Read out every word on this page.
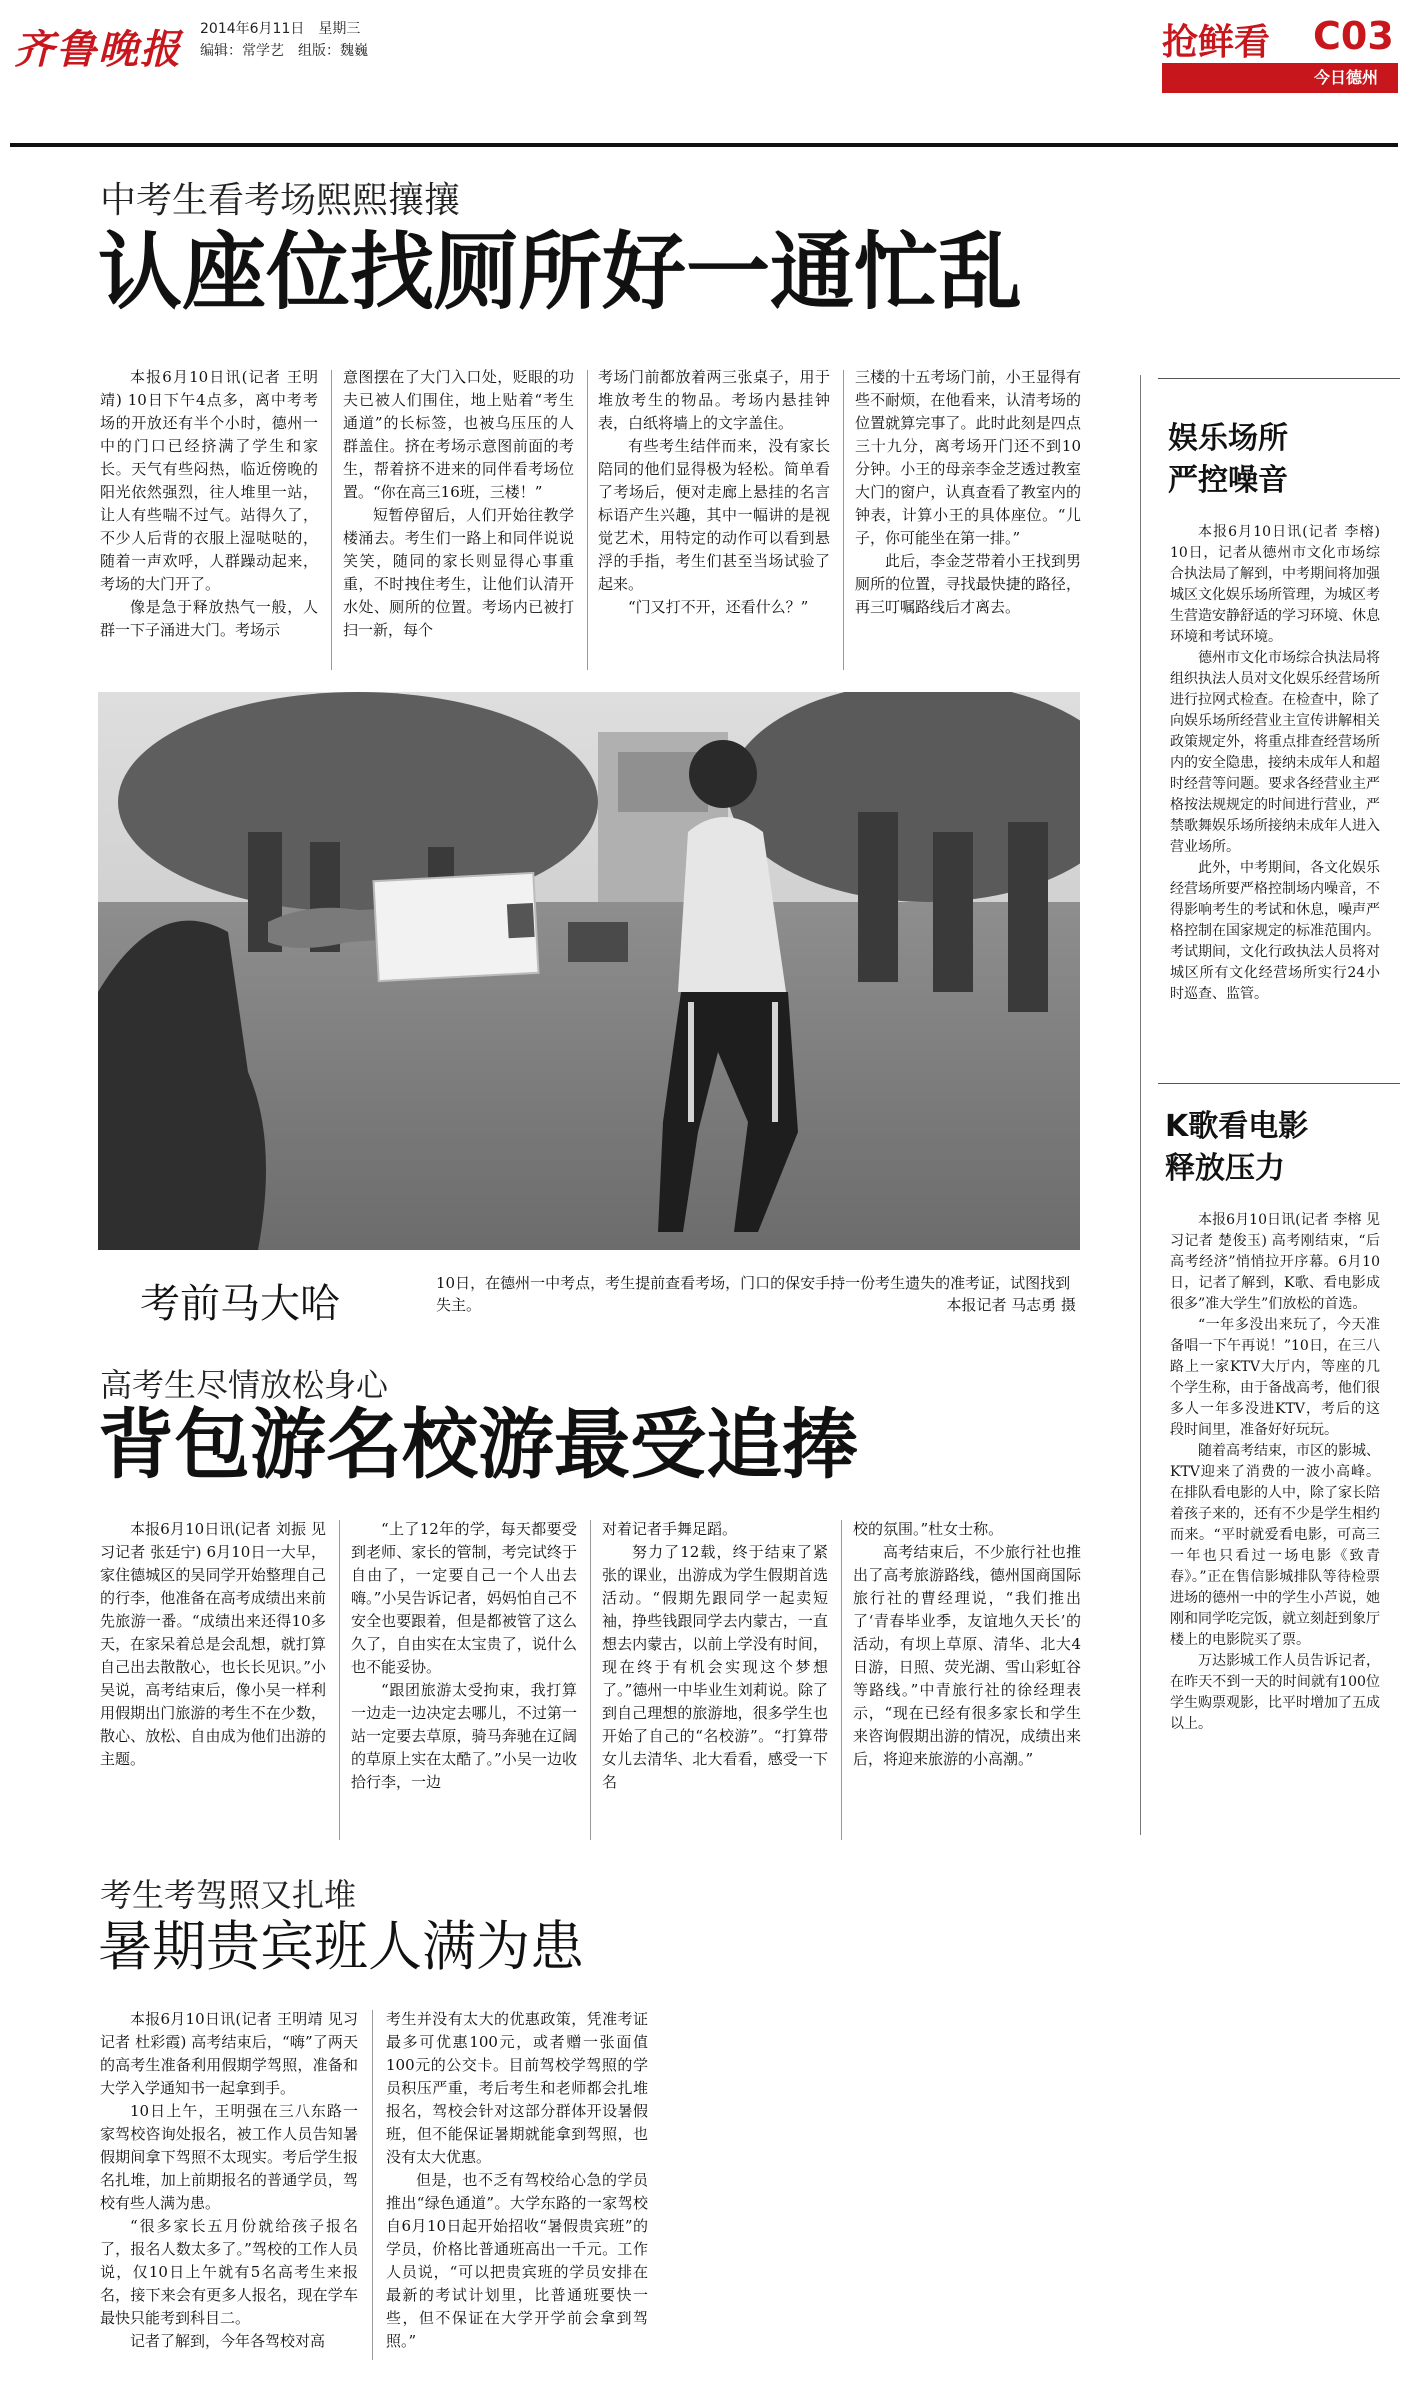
齐鲁晚报 2014年6月11日 星期三
编辑：常学艺 组版：魏巍	抢鲜看 C03
今日德州
中考生看考场熙熙攘攘
认座位找厕所好一通忙乱

本报6月10日讯(记者 王明靖) 10日下午4点多，离中考考场的开放还有半个小时，德州一中的门口已经挤满了学生和家长。天气有些闷热，临近傍晚的阳光依然强烈，往人堆里一站，让人有些喘不过气。站得久了，不少人后背的衣服上湿哒哒的，随着一声欢呼，人群躁动起来，考场的大门开了。

像是急于释放热气一般，人群一下子涌进大门。考场示

意图摆在了大门入口处，贬眼的功夫已被人们围住，地上贴着“考生通道”的长标签，也被乌压压的人群盖住。挤在考场示意图前面的考生，帮着挤不进来的同伴看考场位置。“你在高三16班，三楼！”

短暂停留后，人们开始往教学楼涌去。考生们一路上和同伴说说笑笑，随同的家长则显得心事重重，不时拽住考生，让他们认清开水处、厕所的位置。考场内已被打扫一新，每个

考场门前都放着两三张桌子，用于堆放考生的物品。考场内悬挂钟表，白纸将墙上的文字盖住。

有些考生结伴而来，没有家长陪同的他们显得极为轻松。简单看了考场后，便对走廊上悬挂的名言标语产生兴趣，其中一幅讲的是视觉艺术，用特定的动作可以看到悬浮的手指，考生们甚至当场试验了起来。

“门又打不开，还看什么？”

三楼的十五考场门前，小王显得有些不耐烦，在他看来，认清考场的位置就算完事了。此时此刻是四点三十九分，离考场开门还不到10分钟。小王的母亲李金芝透过教室大门的窗户，认真查看了教室内的钟表，计算小王的具体座位。“儿子，你可能坐在第一排。”

此后，李金芝带着小王找到男厕所的位置，寻找最快捷的路径，再三叮嘱路线后才离去。

考前马大哈	10日，在德州一中考点，考生提前查看考场，门口的保安手持一份考生遗失的准考证，试图找到失主。	本报记者 马志勇 摄
娱乐场所
严控噪音

本报6月10日讯(记者 李榕) 10日，记者从德州市文化市场综合执法局了解到，中考期间将加强城区文化娱乐场所管理，为城区考生营造安静舒适的学习环境、休息环境和考试环境。

德州市文化市场综合执法局将组织执法人员对文化娱乐经营场所进行拉网式检查。在检查中，除了向娱乐场所经营业主宣传讲解相关政策规定外，将重点排查经营场所内的安全隐患，接纳未成年人和超时经营等问题。要求各经营业主严格按法规规定的时间进行营业，严禁歌舞娱乐场所接纳未成年人进入营业场所。

此外，中考期间，各文化娱乐经营场所要严格控制场内噪音，不得影响考生的考试和休息，噪声严格控制在国家规定的标准范围内。考试期间，文化行政执法人员将对城区所有文化经营场所实行24小时巡查、监管。

K歌看电影
释放压力

本报6月10日讯(记者 李榕 见习记者 楚俊玉) 高考刚结束，“后高考经济”悄悄拉开序幕。6月10日，记者了解到，K歌、看电影成很多”准大学生”们放松的首选。

“一年多没出来玩了，今天准备唱一下午再说！”10日，在三八路上一家KTV大厅内，等座的几个学生称，由于备战高考，他们很多人一年多没进KTV，考后的这段时间里，准备好好玩玩。

随着高考结束，市区的影城、KTV迎来了消费的一波小高峰。在排队看电影的人中，除了家长陪着孩子来的，还有不少是学生相约而来。“平时就爱看电影，可高三一年也只看过一场电影《致青春》。”正在售信影城排队等待检票进场的德州一中的学生小芦说，她刚和同学吃完饭，就立刻赶到象厅楼上的电影院买了票。

万达影城工作人员告诉记者，在昨天不到一天的时间就有100位学生购票观影，比平时增加了五成以上。

高考生尽情放松身心
背包游名校游最受追捧

本报6月10日讯(记者 刘振 见习记者 张廷宁) 6月10日一大早，家住德城区的吴同学开始整理自己的行李，他准备在高考成绩出来前先旅游一番。“成绩出来还得10多天，在家呆着总是会乱想，就打算自己出去散散心，也长长见识。”小吴说，高考结束后，像小吴一样利用假期出门旅游的考生不在少数，散心、放松、自由成为他们出游的主题。

“上了12年的学，每天都要受到老师、家长的管制，考完试终于自由了，一定要自己一个人出去嗨。”小吴告诉记者，妈妈怕自己不安全也要跟着，但是都被管了这么久了，自由实在太宝贵了，说什么也不能妥协。

“跟团旅游太受拘束，我打算一边走一边决定去哪儿，不过第一站一定要去草原，骑马奔驰在辽阔的草原上实在太酷了。”小吴一边收拾行李，一边

对着记者手舞足蹈。

努力了12载，终于结束了紧张的课业，出游成为学生假期首选活动。“假期先跟同学一起卖短袖，挣些钱跟同学去内蒙古，一直想去内蒙古，以前上学没有时间，现在终于有机会实现这个梦想了。”德州一中毕业生刘莉说。除了到自己理想的旅游地，很多学生也开始了自己的“名校游”。“打算带女儿去清华、北大看看，感受一下名

校的氛围。”杜女士称。

高考结束后，不少旅行社也推出了高考旅游路线，德州国商国际旅行社的曹经理说，“我们推出了‘青春毕业季，友谊地久天长’的活动，有坝上草原、清华、北大4日游，日照、荧光湖、雪山彩虹谷等路线。”中青旅行社的徐经理表示，“现在已经有很多家长和学生来咨询假期出游的情况，成绩出来后，将迎来旅游的小高潮。”

考生考驾照又扎堆
暑期贵宾班人满为患

本报6月10日讯(记者 王明靖 见习记者 杜彩霞) 高考结束后，“嗨”了两天的高考生准备利用假期学驾照，准备和大学入学通知书一起拿到手。

10日上午，王明强在三八东路一家驾校咨询处报名，被工作人员告知暑假期间拿下驾照不太现实。考后学生报名扎堆，加上前期报名的普通学员，驾校有些人满为患。

“很多家长五月份就给孩子报名了，报名人数太多了。”驾校的工作人员说，仅10日上午就有5名高考生来报名，接下来会有更多人报名，现在学车最快只能考到科目二。

记者了解到，今年各驾校对高

考生并没有太大的优惠政策，凭准考证最多可优惠100元，或者赠一张面值100元的公交卡。目前驾校学驾照的学员积压严重，考后考生和老师都会扎堆报名，驾校会针对这部分群体开设暑假班，但不能保证暑期就能拿到驾照，也没有太大优惠。

但是，也不乏有驾校给心急的学员推出“绿色通道”。大学东路的一家驾校自6月10日起开始招收“暑假贵宾班”的学员，价格比普通班高出一千元。工作人员说，“可以把贵宾班的学员安排在最新的考试计划里，比普通班要快一些，但不保证在大学开学前会拿到驾照。”
